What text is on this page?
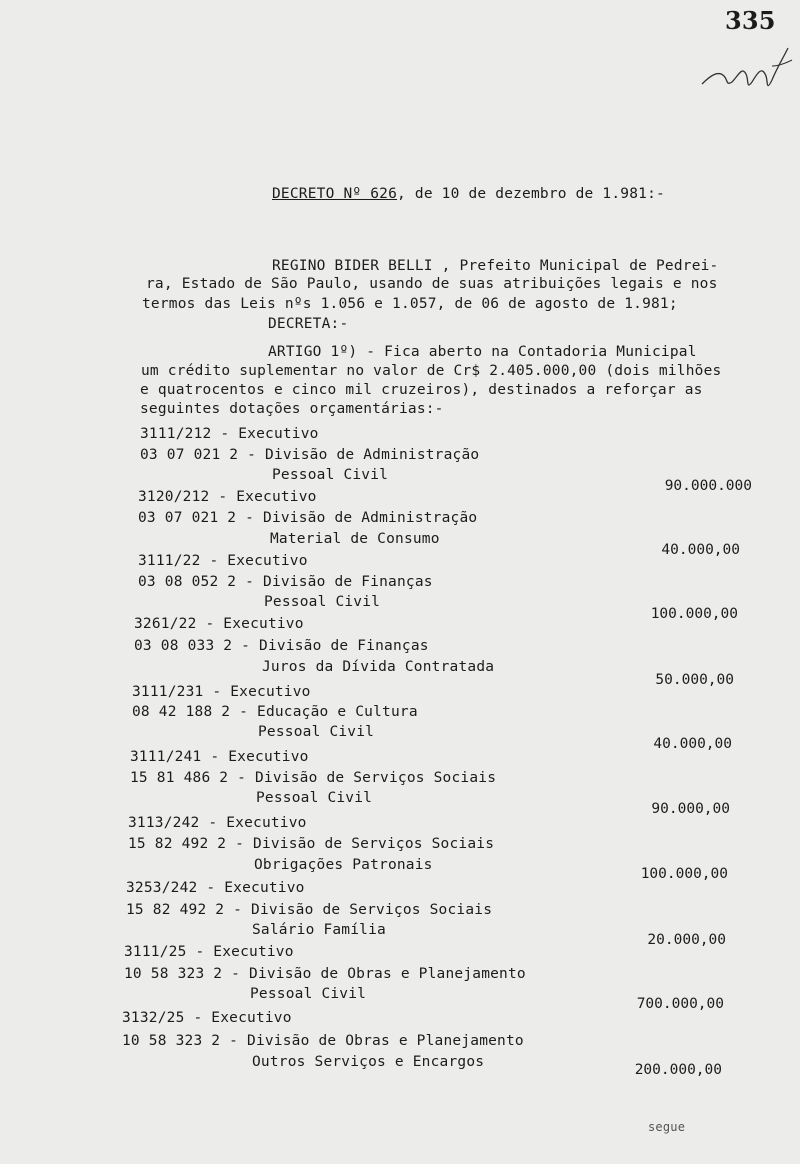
335
DECRETO Nº 626, de 10 de dezembro de 1.981:-
REGINO BIDER BELLI , Prefeito Municipal de Pedrei-
ra, Estado de São Paulo, usando de suas atribuições legais e nos
termos das Leis nºs 1.056 e 1.057, de 06 de agosto de 1.981;
DECRETA:-
ARTIGO 1º) - Fica aberto na Contadoria Municipal
um crédito suplementar no valor de Cr$ 2.405.000,00 (dois milhões
e quatrocentos e cinco mil cruzeiros), destinados a reforçar as
seguintes dotações orçamentárias:-
3111/212 - Executivo
03 07 021 2 - Divisão de Administração
Pessoal Civil
90.000.000
3120/212 - Executivo
03 07 021 2 - Divisão de Administração
Material de Consumo
40.000,00
3111/22 - Executivo
03 08 052 2 - Divisão de Finanças
Pessoal Civil
100.000,00
3261/22 - Executivo
03 08 033 2 - Divisão de Finanças
Juros da Dívida Contratada
50.000,00
3111/231 - Executivo
08 42 188 2 - Educação e Cultura
Pessoal Civil
40.000,00
3111/241 - Executivo
15 81 486 2 - Divisão de Serviços Sociais
Pessoal Civil
90.000,00
3113/242 - Executivo
15 82 492 2 - Divisão de Serviços Sociais
Obrigações Patronais
100.000,00
3253/242 - Executivo
15 82 492 2 - Divisão de Serviços Sociais
Salário Família
20.000,00
3111/25 - Executivo
10 58 323 2 - Divisão de Obras e Planejamento
Pessoal Civil
700.000,00
3132/25 - Executivo
10 58 323 2 - Divisão de Obras e Planejamento
Outros Serviços e Encargos	200.000,00
segue
